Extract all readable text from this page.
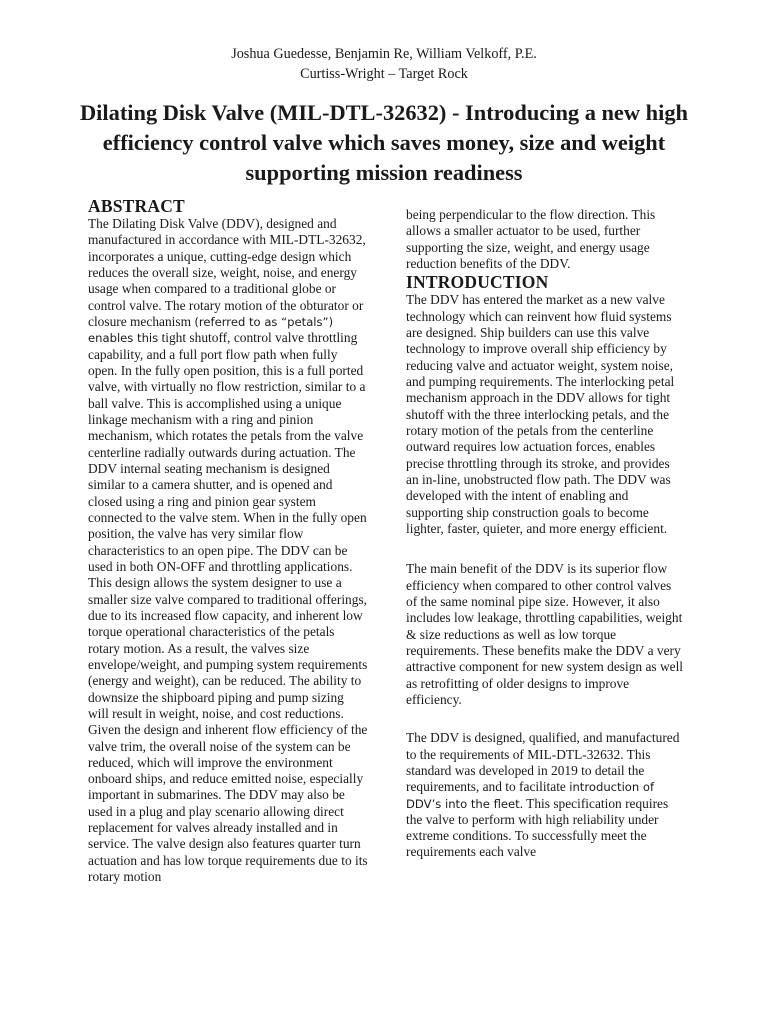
Joshua Guedesse, Benjamin Re, William Velkoff, P.E.
Curtiss-Wright – Target Rock
Dilating Disk Valve (MIL-DTL-32632) - Introducing a new high efficiency control valve which saves money, size and weight supporting mission readiness
ABSTRACT

The Dilating Disk Valve (DDV), designed and manufactured in accordance with MIL-DTL-32632, incorporates a unique, cutting-edge design which reduces the overall size, weight, noise, and energy usage when compared to a traditional globe or control valve. The rotary motion of the obturator or closure mechanism (referred to as “petals”) enables this tight shutoff, control valve throttling capability, and a full port flow path when fully open. In the fully open position, this is a full ported valve, with virtually no flow restriction, similar to a ball valve. This is accomplished using a unique linkage mechanism with a ring and pinion mechanism, which rotates the petals from the valve centerline radially outwards during actuation. The DDV internal seating mechanism is designed similar to a camera shutter, and is opened and closed using a ring and pinion gear system connected to the valve stem. When in the fully open position, the valve has very similar flow characteristics to an open pipe. The DDV can be used in both ON-OFF and throttling applications. This design allows the system designer to use a smaller size valve compared to traditional offerings, due to its increased flow capacity, and inherent low torque operational characteristics of the petals rotary motion. As a result, the valves size envelope/weight, and pumping system requirements (energy and weight), can be reduced. The ability to downsize the shipboard piping and pump sizing will result in weight, noise, and cost reductions. Given the design and inherent flow efficiency of the valve trim, the overall noise of the system can be reduced, which will improve the environment onboard ships, and reduce emitted noise, especially important in submarines. The DDV may also be used in a plug and play scenario allowing direct replacement for valves already installed and in service. The valve design also features quarter turn actuation and has low torque requirements due to its rotary motion

being perpendicular to the flow direction. This allows a smaller actuator to be used, further supporting the size, weight, and energy usage reduction benefits of the DDV.

INTRODUCTION

The DDV has entered the market as a new valve technology which can reinvent how fluid systems are designed. Ship builders can use this valve technology to improve overall ship efficiency by reducing valve and actuator weight, system noise, and pumping requirements. The interlocking petal mechanism approach in the DDV allows for tight shutoff with the three interlocking petals, and the rotary motion of the petals from the centerline outward requires low actuation forces, enables precise throttling through its stroke, and provides an in-line, unobstructed flow path. The DDV was developed with the intent of enabling and supporting ship construction goals to become lighter, faster, quieter, and more energy efficient.

The main benefit of the DDV is its superior flow efficiency when compared to other control valves of the same nominal pipe size. However, it also includes low leakage, throttling capabilities, weight & size reductions as well as low torque requirements. These benefits make the DDV a very attractive component for new system design as well as retrofitting of older designs to improve efficiency.

The DDV is designed, qualified, and manufactured to the requirements of MIL-DTL-32632. This standard was developed in 2019 to detail the requirements, and to facilitate introduction of DDV’s into the fleet. This specification requires the valve to perform with high reliability under extreme conditions. To successfully meet the requirements each valve
